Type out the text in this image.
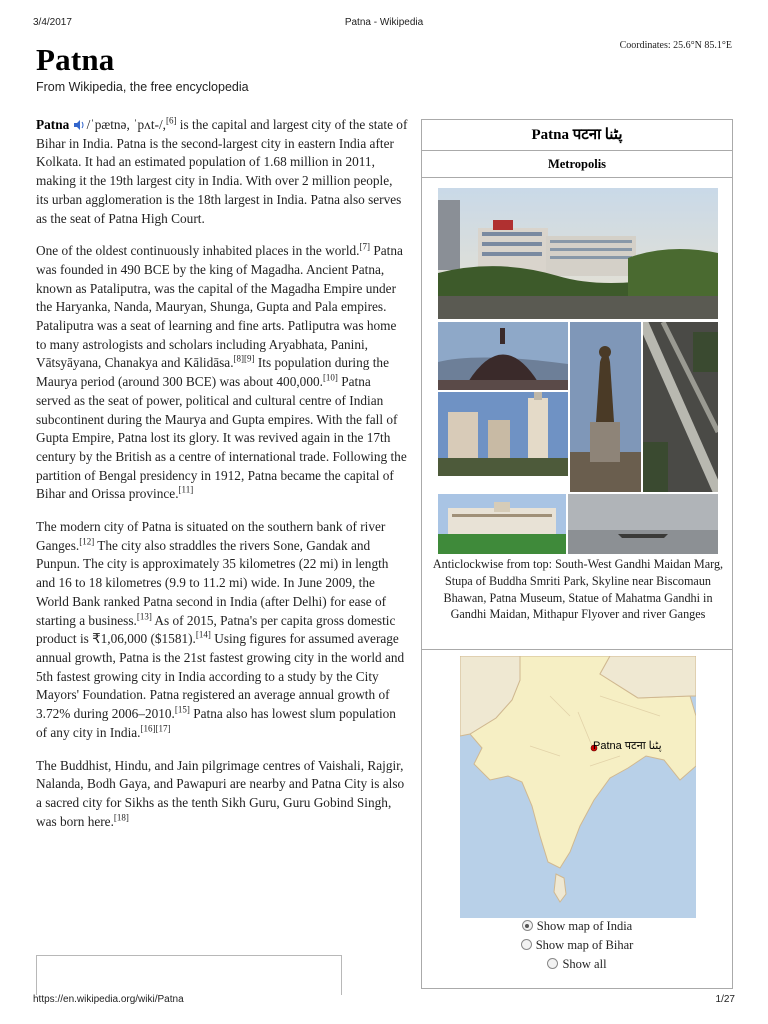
3/4/2017	Patna - Wikipedia
Coordinates: 25.6°N 85.1°E
Patna
From Wikipedia, the free encyclopedia

Patna /ˈpætnə, ˈpʌt-/,[6] is the capital and largest city of the state of Bihar in India. Patna is the second-largest city in eastern India after Kolkata. It had an estimated population of 1.68 million in 2011, making it the 19th largest city in India. With over 2 million people, its urban agglomeration is the 18th largest in India. Patna also serves as the seat of Patna High Court.

One of the oldest continuously inhabited places in the world.[7] Patna was founded in 490 BCE by the king of Magadha. Ancient Patna, known as Pataliputra, was the capital of the Magadha Empire under the Haryanka, Nanda, Mauryan, Shunga, Gupta and Pala empires. Pataliputra was a seat of learning and fine arts. Patliputra was home to many astrologists and scholars including Aryabhata, Panini, Vātsyāyana, Chanakya and Kālidāsa.[8][9] Its population during the Maurya period (around 300 BCE) was about 400,000.[10] Patna served as the seat of power, political and cultural centre of Indian subcontinent during the Maurya and Gupta empires. With the fall of Gupta Empire, Patna lost its glory. It was revived again in the 17th century by the British as a centre of international trade. Following the partition of Bengal presidency in 1912, Patna became the capital of Bihar and Orissa province.[11]

The modern city of Patna is situated on the southern bank of river Ganges.[12] The city also straddles the rivers Sone, Gandak and Punpun. The city is approximately 35 kilometres (22 mi) in length and 16 to 18 kilometres (9.9 to 11.2 mi) wide. In June 2009, the World Bank ranked Patna second in India (after Delhi) for ease of starting a business.[13] As of 2015, Patna's per capita gross domestic product is ₹1,06,000 ($1581).[14] Using figures for assumed average annual growth, Patna is the 21st fastest growing city in the world and 5th fastest growing city in India according to a study by the City Mayors' Foundation. Patna registered an average annual growth of 3.72% during 2006–2010.[15] Patna also has lowest slum population of any city in India.[16][17]

The Buddhist, Hindu, and Jain pilgrimage centres of Vaishali, Rajgir, Nalanda, Bodh Gaya, and Pawapuri are nearby and Patna City is also a sacred city for Sikhs as the tenth Sikh Guru, Guru Gobind Singh, was born here.[18]

Patna पटना پٹنا
Metropolis
Anticlockwise from top: South-West Gandhi Maidan Marg, Stupa of Buddha Smriti Park, Skyline near Biscomaun Bhawan, Patna Museum, Statue of Mahatma Gandhi in Gandhi Maidan, Mithapur Flyover and river Ganges
Patna पटना پٹنا
Show map of India
Show map of Bihar
Show all
https://en.wikipedia.org/wiki/Patna	1/27
